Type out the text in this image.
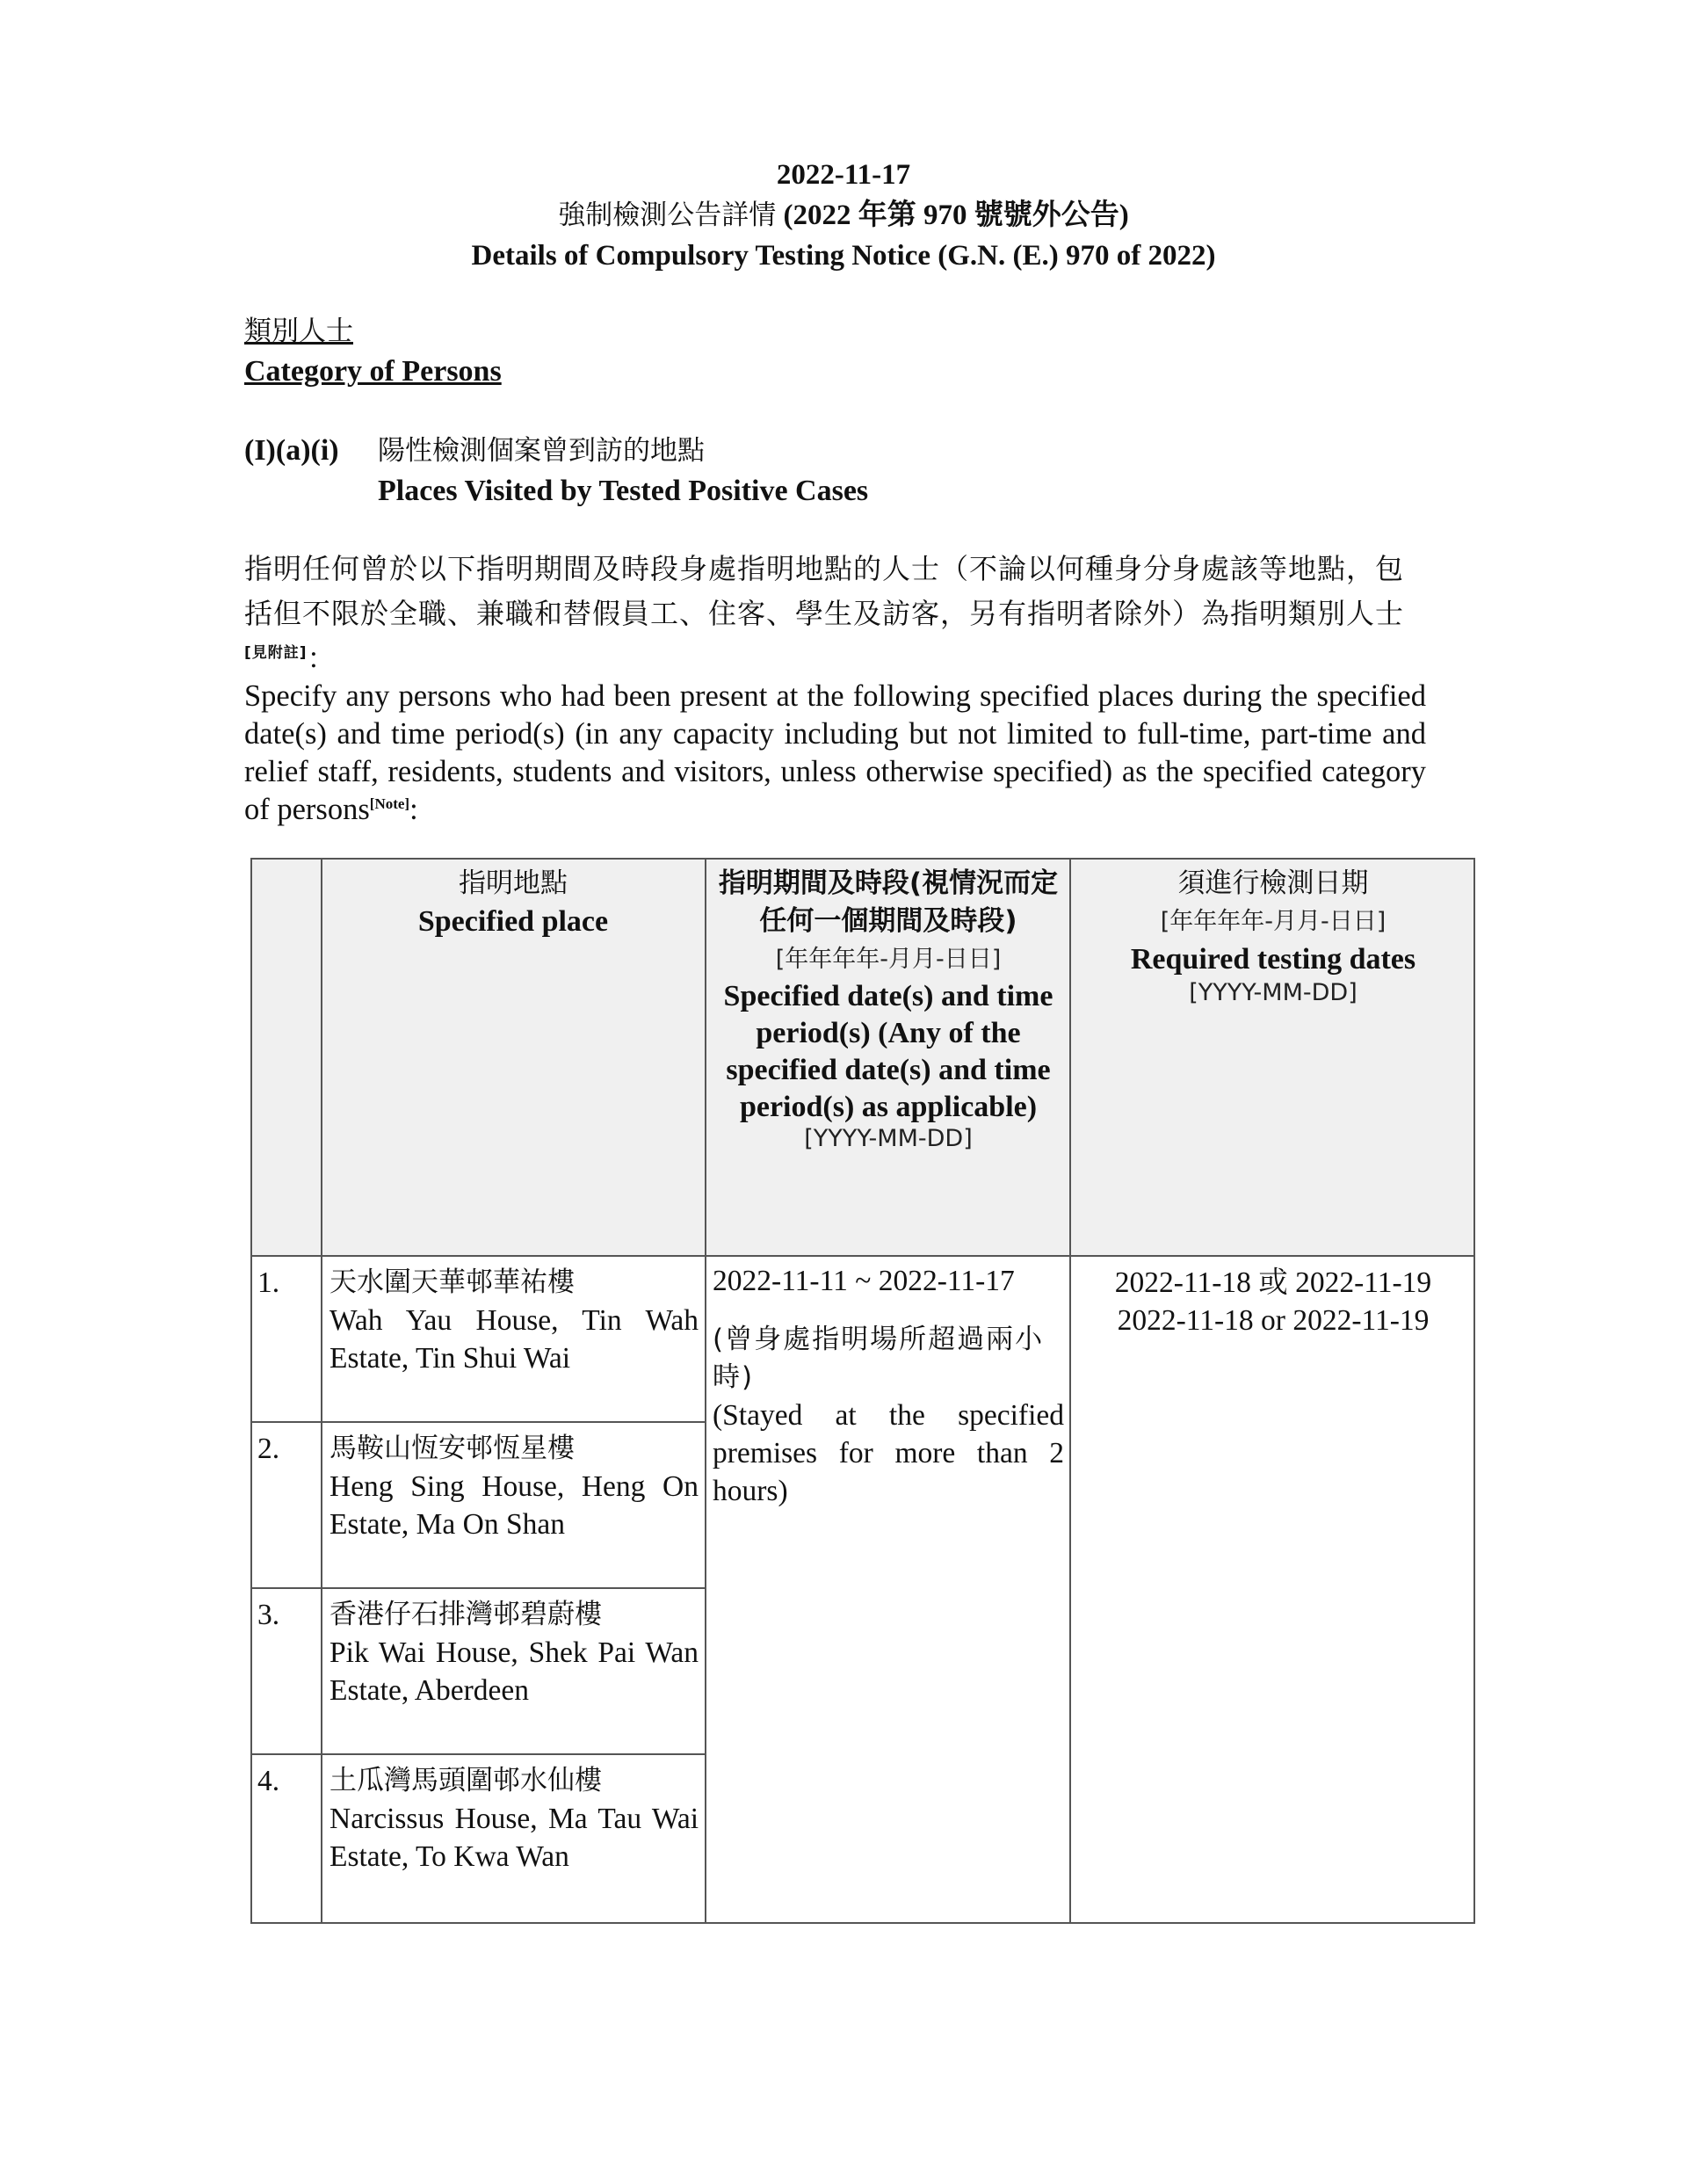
2022-11-17
強制檢測公告詳情 (2022 年第 970 號號外公告)
Details of Compulsory Testing Notice (G.N. (E.) 970 of 2022)
類別人士
Category of Persons
(I)(a)(i) 陽性檢測個案曾到訪的地點
Places Visited by Tested Positive Cases
指明任何曾於以下指明期間及時段身處指明地點的人士（不論以何種身分身處該等地點，包括但不限於全職、兼職和替假員工、住客、學生及訪客，另有指明者除外）為指明類別人士[見附註]：
Specify any persons who had been present at the following specified places during the specified date(s) and time period(s) (in any capacity including but not limited to full-time, part-time and relief staff, residents, students and visitors, unless otherwise specified) as the specified category of persons[Note]:
指明地點
Specified place
指明期間及時段(視情況而定任何一個期間及時段)
[年年年年-月月-日日]
Specified date(s) and time period(s) (Any of the specified date(s) and time period(s) as applicable)
[YYYY-MM-DD]
須進行檢測日期
[年年年年-月月-日日]
Required testing dates
[YYYY-MM-DD]
1. 天水圍天華邨華祐樓
Wah Yau House, Tin Wah Estate, Tin Shui Wai
2. 馬鞍山恆安邨恆星樓
Heng Sing House, Heng On Estate, Ma On Shan
3. 香港仔石排灣邨碧蔚樓
Pik Wai House, Shek Pai Wan Estate, Aberdeen
4. 土瓜灣馬頭圍邨水仙樓
Narcissus House, Ma Tau Wai Estate, To Kwa Wan
2022-11-11 ~ 2022-11-17
(曾身處指明場所超過兩小時)
(Stayed at the specified premises for more than 2 hours)
2022-11-18 或 2022-11-19
2022-11-18 or 2022-11-19
